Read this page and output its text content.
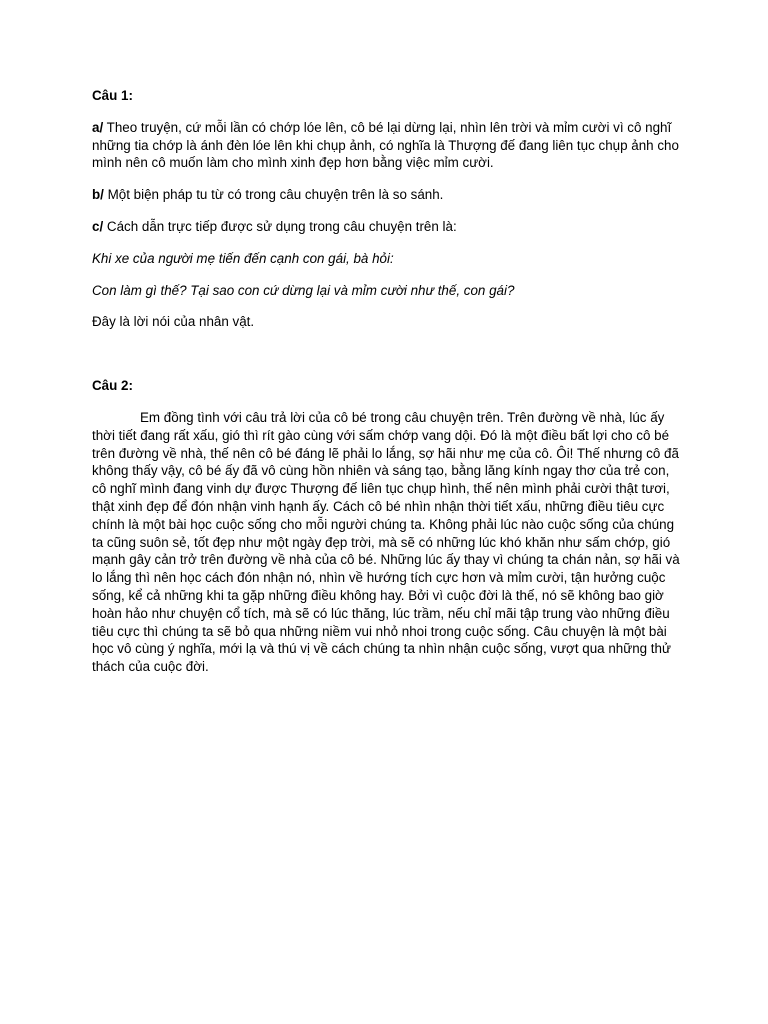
Câu 1:

a/ Theo truyện, cứ mỗi lần có chớp lóe lên, cô bé lại dừng lại, nhìn lên trời và mỉm cười vì cô nghĩ những tia chớp là ánh đèn lóe lên khi chụp ảnh, có nghĩa là Thượng đế đang liên tục chụp ảnh cho mình nên cô muốn làm cho mình xinh đẹp hơn bằng việc mỉm cười.

b/ Một biện pháp tu từ có trong câu chuyện trên là so sánh.

c/ Cách dẫn trực tiếp được sử dụng trong câu chuyện trên là:

Khi xe của người mẹ tiến đến cạnh con gái, bà hỏi:

Con làm gì thế? Tại sao con cứ dừng lại và mỉm cười như thế, con gái?

Đây là lời nói của nhân vật.

Câu 2:

Em đồng tình với câu trả lời của cô bé trong câu chuyện trên. Trên đường về nhà, lúc ấy thời tiết đang rất xấu, gió thì rít gào cùng với sấm chớp vang dội. Đó là một điều bất lợi cho cô bé trên đường về nhà, thế nên cô bé đáng lẽ phải lo lắng, sợ hãi như mẹ của cô. Ôi! Thế nhưng cô đã không thấy vậy, cô bé ấy đã vô cùng hồn nhiên và sáng tạo, bằng lăng kính ngay thơ của trẻ con, cô nghĩ mình đang vinh dự được Thượng đế liên tục chụp hình, thế nên mình phải cười thật tươi, thật xinh đẹp để đón nhận vinh hạnh ấy. Cách cô bé nhìn nhận thời tiết xấu, những điều tiêu cực chính là một bài học cuộc sống cho mỗi người chúng ta. Không phải lúc nào cuộc sống của chúng ta cũng suôn sẻ, tốt đẹp như một ngày đẹp trời, mà sẽ có những lúc khó khăn như sấm chớp, gió mạnh gây cản trở trên đường về nhà của cô bé. Những lúc ấy thay vì chúng ta chán nản, sợ hãi và lo lắng thì nên học cách đón nhận nó, nhìn về hướng tích cực hơn và mỉm cười, tận hưởng cuộc sống, kể cả những khi ta gặp những điều không hay. Bởi vì cuộc đời là thế, nó sẽ không bao giờ hoàn hảo như chuyện cổ tích, mà sẽ có lúc thăng, lúc trầm, nếu chỉ mãi tập trung vào những điều tiêu cực thì chúng ta sẽ bỏ qua những niềm vui nhỏ nhoi trong cuộc sống. Câu chuyện là một bài học vô cùng ý nghĩa, mới lạ và thú vị về cách chúng ta nhìn nhận cuộc sống, vượt qua những thử thách của cuộc đời.
